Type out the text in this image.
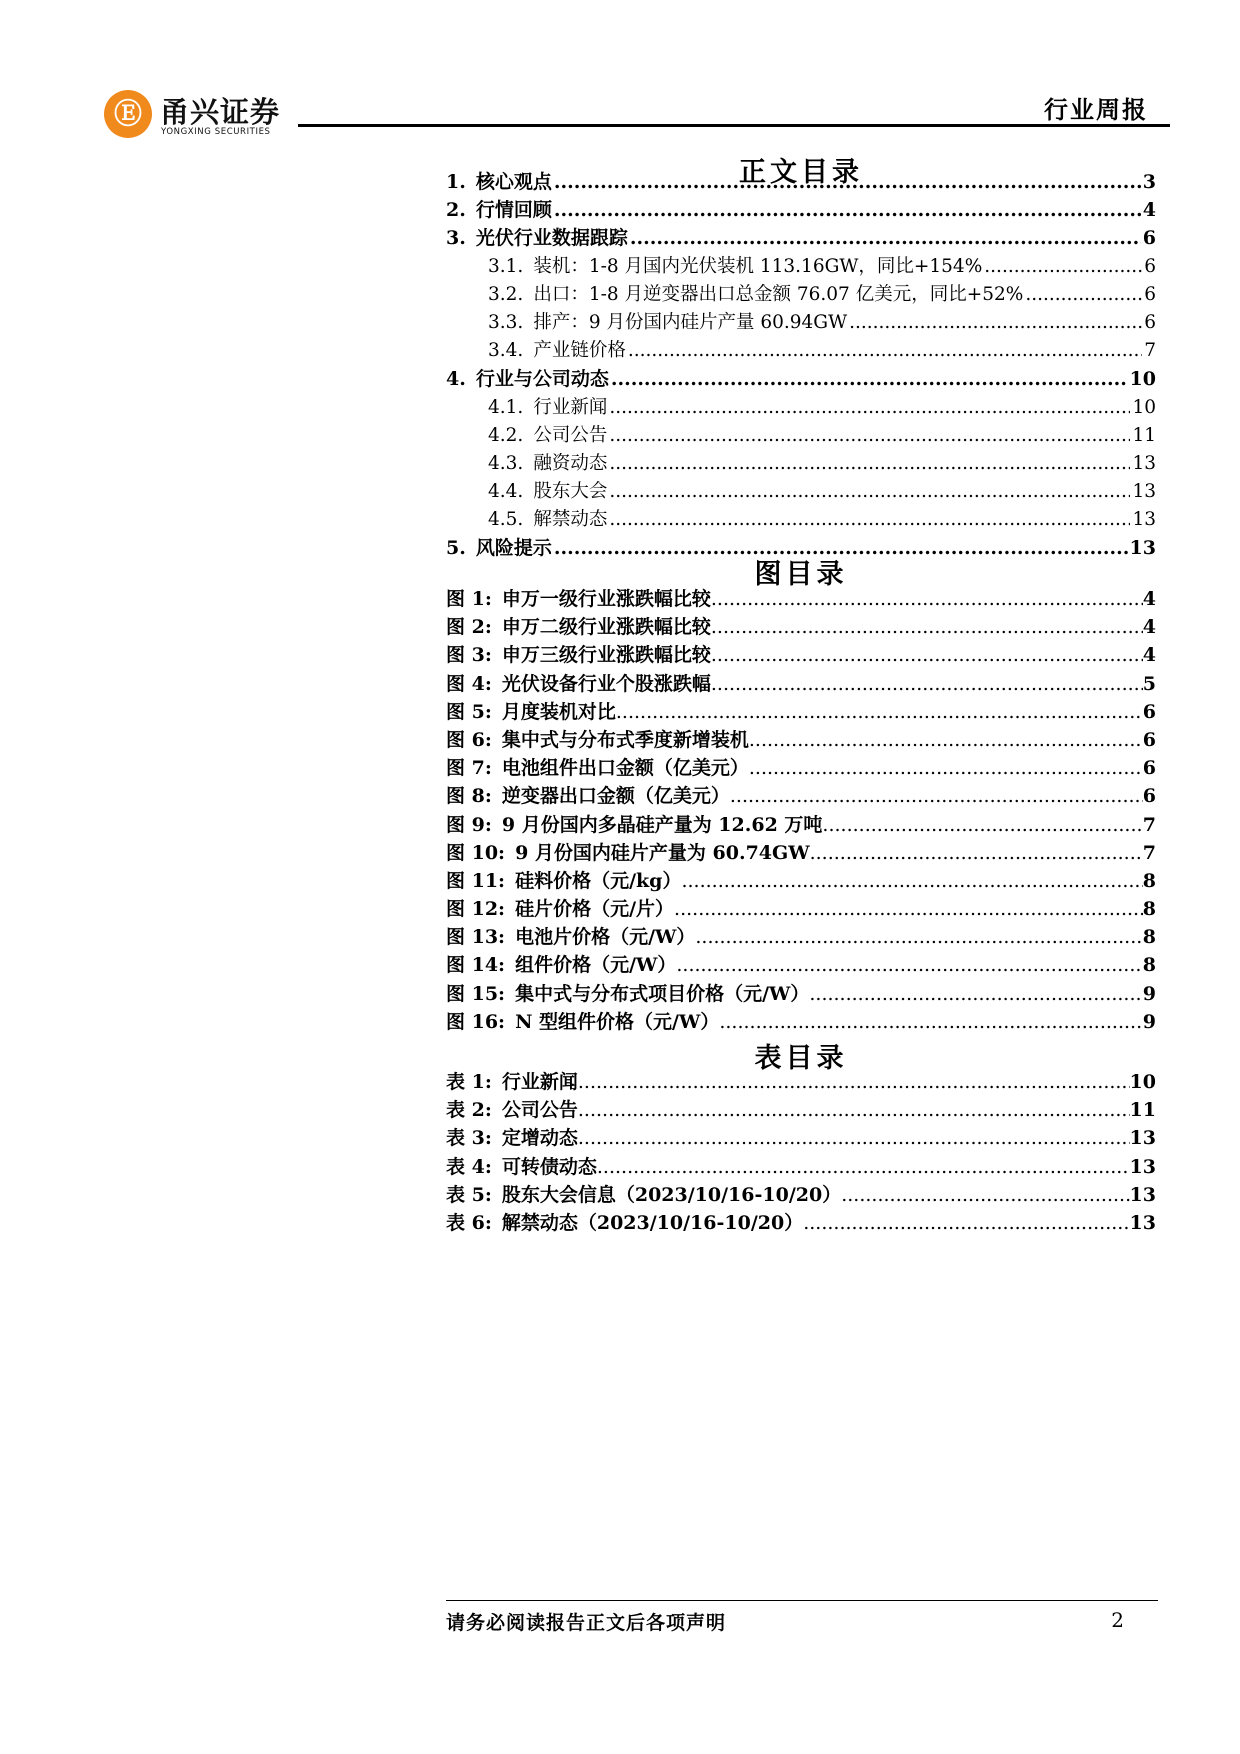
Ⓔ 甬兴证券
YONGXING SECURITIES
行业周报
正文目录
1. 核心观点 .....	3
2. 行情回顾 .....	4
3. 光伏行业数据跟踪 .....	6
3.1. 装机：1-8 月国内光伏装机 113.16GW，同比+154% .....	6
3.2. 出口：1-8 月逆变器出口总金额 76.07 亿美元，同比+52% .....	6
3.3. 排产：9 月份国内硅片产量 60.94GW .....	6
3.4. 产业链价格 .....	7
4. 行业与公司动态 .....	10
4.1. 行业新闻 .....	10
4.2. 公司公告 .....	11
4.3. 融资动态 .....	13
4.4. 股东大会 .....	13
4.5. 解禁动态 .....	13
5. 风险提示 .....	13
图目录
图 1: 申万一级行业涨跌幅比较 .....	4
图 2: 申万二级行业涨跌幅比较 .....	4
图 3: 申万三级行业涨跌幅比较 .....	4
图 4: 光伏设备行业个股涨跌幅 .....	5
图 5: 月度装机对比 .....	6
图 6: 集中式与分布式季度新增装机 .....	6
图 7: 电池组件出口金额（亿美元） .....	6
图 8: 逆变器出口金额（亿美元） .....	6
图 9: 9 月份国内多晶硅产量为 12.62 万吨 .....	7
图 10: 9 月份国内硅片产量为 60.74GW .....	7
图 11: 硅料价格（元/kg） .....	8
图 12: 硅片价格（元/片） .....	8
图 13: 电池片价格（元/W） .....	8
图 14: 组件价格（元/W） .....	8
图 15: 集中式与分布式项目价格（元/W） .....	9
图 16: N 型组件价格（元/W） .....	9
表目录
表 1: 行业新闻 .....	10
表 2: 公司公告 .....	11
表 3: 定增动态 .....	13
表 4: 可转债动态 .....	13
表 5: 股东大会信息（2023/10/16-10/20） .....	13
表 6: 解禁动态（2023/10/16-10/20） .....	13
请务必阅读报告正文后各项声明	2
